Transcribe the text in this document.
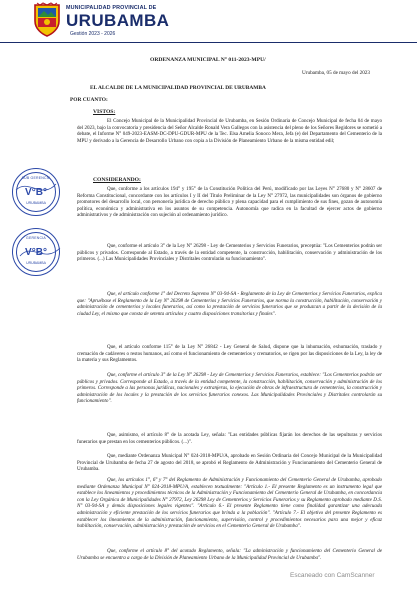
MUNICIPALIDAD PROVINCIAL DE
URUBAMBA
Gestión 2023 - 2026
ORDENANZA MUNICIPAL N° 011-2023-MPU/
Urubamba, 05 de mayo del 2023
EL ALCALDE DE LA MUNICIPALIDAD PROVINCIAL DE URUBAMBA
POR CUANTO:
VISTOS:
El Concejo Municipal de la Municipalidad Provincial de Urubamba, en Sesión Ordinaria de Concejo Municipal de fecha 04 de mayo del 2023, bajo la convocatoria y presidencia del Señor Alcalde Ronald Vera Gallegos con la asistencia del pleno de los Señores Regidores se sometió a debate, el Informe N° 049-2023-EASM-DC-DPU-GDUR-MPU de la Tec. Elsa Amelia Sonoco Mera, Jefa (e) del Departamento del Cementerio de la MPU y derivado a la Gerencia de Desarrollo Urbano con copia a la División de Planeamiento Urbano de la misma entidad edil;
CONSIDERANDO:
Que, conforme a los artículos 194° y 195° de la Constitución Política del Perú, modificado por las Leyes N° 27680 y N° 28607 de Reforma Constitucional, concordante con los artículos I y II del Título Preliminar de la Ley N° 27972, las municipalidades son órganos de gobierno promotores del desarrollo local, con personería jurídica de derecho público y plena capacidad para el cumplimiento de sus fines, gozan de autonomía política, económica y administrativa en los asuntos de su competencia. Autonomía que radica en la facultad de ejercer actos de gobierno administrativos y de administración con sujeción al ordenamiento jurídico.
Que, conforme el artículo 3° de la Ley N° 26298 - Ley de Cementerios y Servicios Funerarios, preceptúa: "Los Cementerios podrán ser públicos y privados. Corresponde al Estado, a través de la entidad competente, la construcción, habilitación, conservación y administración de los primeros. (...) Las Municipalidades Provinciales y Distritales controlarán su funcionamiento".
Que, el artículo conforme 1° del Decreto Supremo N° 03-94-SA - Reglamento de la Ley de Cementerios y Servicios Funerarios, explica que: "Apruébase el Reglamento de la Ley N° 26298 de Cementerios y Servicios Funerarios, que norma la construcción, habilitación, conservación y administración de cementerios y locales funerarios, así como la prestación de servicios funerarios que se produzcan a partir de la decisión de la ciudad Ley, el mismo que consta de setenta artículos y cuatro disposiciones transitorias y finales".
Que, el artículo conforme 115° de la Ley N° 26842 - Ley General de Salud, dispone que la inhumación, exhumación, traslado y cremación de cadáveres o restos humanos, así como el funcionamiento de cementerios y crematorios, se rigen por las disposiciones de la Ley, la ley de la materia y sus Reglamentos.
Que, conforme el artículo 3° de la Ley N° 26298 - Ley de Cementerios y Servicios Funerarios, establece: "Los Cementerios podrán ser públicos y privados. Corresponde al Estado, a través de la entidad competente, la construcción, habilitación, conservación y administración de los primeros. Corresponde a las personas jurídicas, nacionales y extranjeras, la ejecución de obras de infraestructura de cementerios, la construcción y administración de los locales y la prestación de los servicios funerarios conexos. Las Municipalidades Provinciales y Distritales controlarán su funcionamiento".
Que, asimismo, el artículo 8° de la acotada Ley, señala: "Las entidades públicas fijarán los derechos de las sepulturas y servicios funerarios que prestan en los cementerios públicos. (...)".
Que, mediante Ordenanza Municipal N° 024-2018-MPU/A, aprobado en Sesión Ordinaria del Concejo Municipal de la Municipalidad Provincial de Urubamba de fecha 27 de agosto del 2018, se aprobó el Reglamento de Administración y Funcionamiento del Cementerio General de Urubamba.
Que, los artículos 1°, 6° y 7° del Reglamento de Administración y Funcionamiento del Cementerio General de Urubamba, aprobado mediante Ordenanza Municipal N° 024-2018-MPU/A, establecen textualmente: "Artículo 1.- El presente Reglamento es un instrumento legal que establece los lineamientos y procedimientos técnicos de la Administración y Funcionamiento del Cementerio General de Urubamba, en concordancia con la Ley Orgánica de Municipalidades N° 27972, Ley 26298 Ley de Cementerios y Servicios Funerarios y su Reglamento aprobado mediante D.S. N° 03-94-SA y demás disposiciones legales vigentes". "Artículo 6.- El presente Reglamento tiene como finalidad garantizar una adecuada administración y eficiente prestación de los servicios funerarios que brinda a la población". "Artículo 7.- El objetivo del presente Reglamento es establecer los lineamientos de la administración, funcionamiento, supervisión, control y procedimientos necesarios para una mejor y eficaz habilitación, conservación, administración y prestación de servicios en el Cementerio General de Urubamba".
Que, conforme el artículo 8° del acotado Reglamento, señala: "La administración y funcionamiento del Cementerio General de Urubamba se encuentra a cargo de la División de Planeamiento Urbano de la Municipalidad Provincial de Urubamba".
SUB GERENCIA
V°B°
URUBAMBA
GERENCIA
V°B°
URUBAMBA
Escaneado con CamScanner
